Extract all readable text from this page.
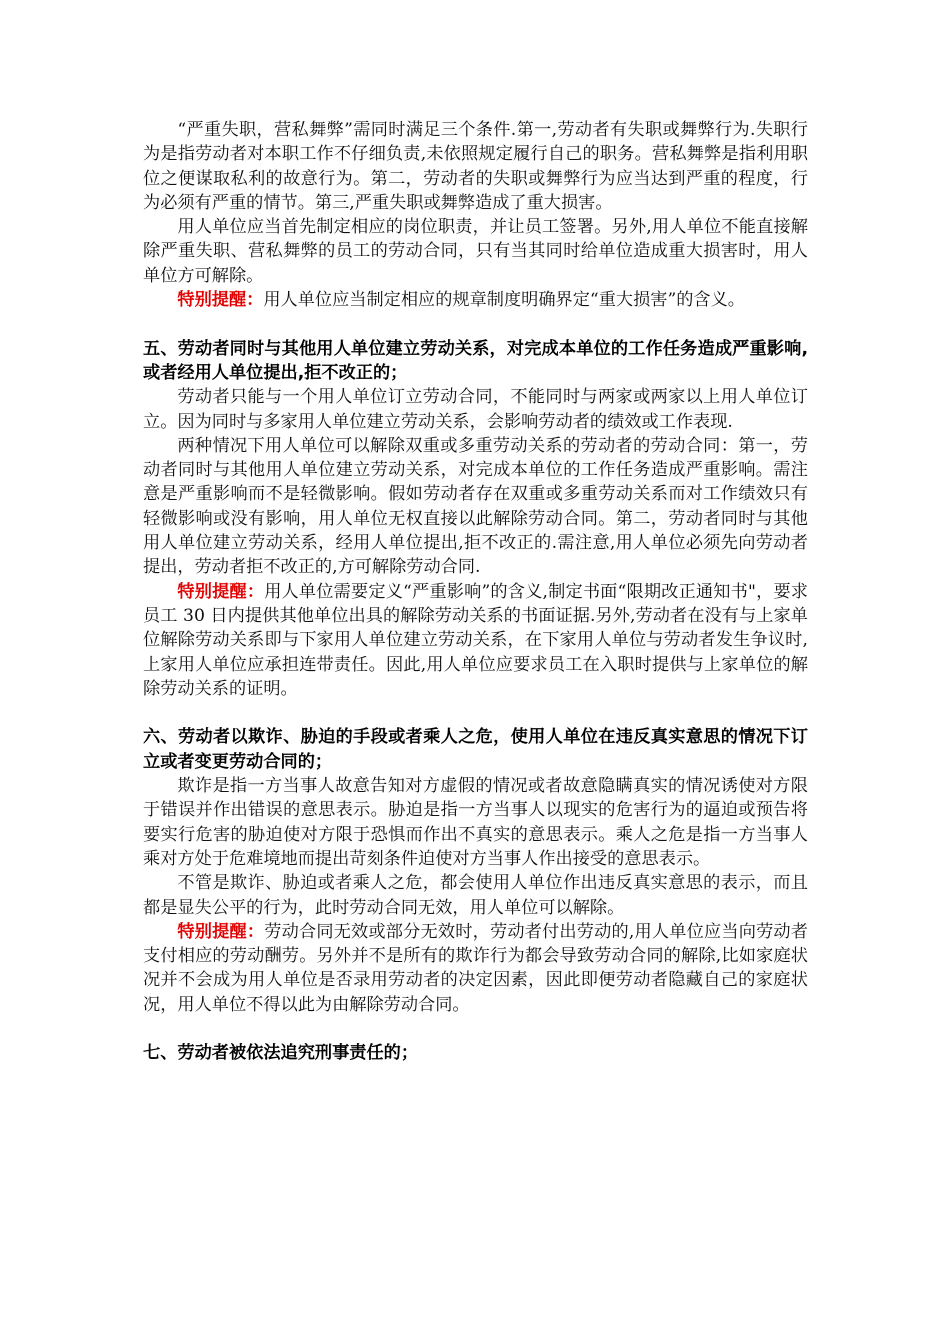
“严重失职，营私舞弊”需同时满足三个条件.第一,劳动者有失职或舞弊行为.失职行为是指劳动者对本职工作不仔细负责,未依照规定履行自己的职务。营私舞弊是指利用职位之便谋取私利的故意行为。第二，劳动者的失职或舞弊行为应当达到严重的程度，行为必须有严重的情节。第三,严重失职或舞弊造成了重大损害。

用人单位应当首先制定相应的岗位职责，并让员工签署。另外,用人单位不能直接解除严重失职、营私舞弊的员工的劳动合同，只有当其同时给单位造成重大损害时，用人单位方可解除。

特别提醒：用人单位应当制定相应的规章制度明确界定“重大损害”的含义。

五、劳动者同时与其他用人单位建立劳动关系，对完成本单位的工作任务造成严重影响,或者经用人单位提出,拒不改正的；

劳动者只能与一个用人单位订立劳动合同，不能同时与两家或两家以上用人单位订立。因为同时与多家用人单位建立劳动关系，会影响劳动者的绩效或工作表现.

两种情况下用人单位可以解除双重或多重劳动关系的劳动者的劳动合同：第一，劳动者同时与其他用人单位建立劳动关系，对完成本单位的工作任务造成严重影响。需注意是严重影响而不是轻微影响。假如劳动者存在双重或多重劳动关系而对工作绩效只有轻微影响或没有影响，用人单位无权直接以此解除劳动合同。第二，劳动者同时与其他用人单位建立劳动关系，经用人单位提出,拒不改正的.需注意,用人单位必须先向劳动者提出，劳动者拒不改正的,方可解除劳动合同.

特别提醒：用人单位需要定义“严重影响”的含义,制定书面“限期改正通知书"，要求员工 30 日内提供其他单位出具的解除劳动关系的书面证据.另外,劳动者在没有与上家单位解除劳动关系即与下家用人单位建立劳动关系，在下家用人单位与劳动者发生争议时,上家用人单位应承担连带责任。因此,用人单位应要求员工在入职时提供与上家单位的解除劳动关系的证明。

六、劳动者以欺诈、胁迫的手段或者乘人之危，使用人单位在违反真实意思的情况下订立或者变更劳动合同的；

欺诈是指一方当事人故意告知对方虚假的情况或者故意隐瞒真实的情况诱使对方限于错误并作出错误的意思表示。胁迫是指一方当事人以现实的危害行为的逼迫或预告将要实行危害的胁迫使对方限于恐惧而作出不真实的意思表示。乘人之危是指一方当事人乘对方处于危难境地而提出苛刻条件迫使对方当事人作出接受的意思表示。

不管是欺诈、胁迫或者乘人之危，都会使用人单位作出违反真实意思的表示，而且都是显失公平的行为，此时劳动合同无效，用人单位可以解除。

特别提醒：劳动合同无效或部分无效时，劳动者付出劳动的,用人单位应当向劳动者支付相应的劳动酬劳。另外并不是所有的欺诈行为都会导致劳动合同的解除,比如家庭状况并不会成为用人单位是否录用劳动者的决定因素，因此即便劳动者隐藏自己的家庭状况，用人单位不得以此为由解除劳动合同。

七、劳动者被依法追究刑事责任的；
